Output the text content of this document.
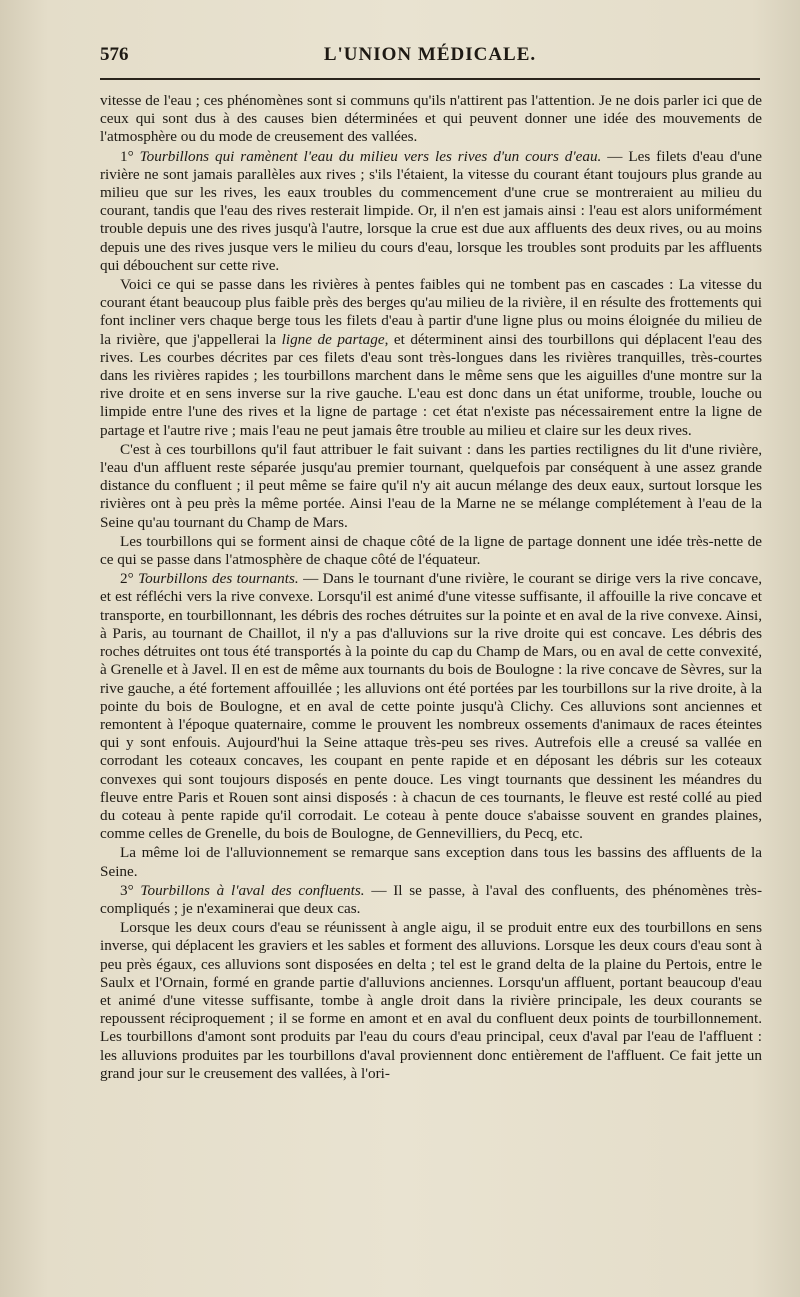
576	L'UNION MÉDICALE.

vitesse de l'eau ; ces phénomènes sont si communs qu'ils n'attirent pas l'attention. Je ne dois parler ici que de ceux qui sont dus à des causes bien déterminées et qui peuvent donner une idée des mouvements de l'atmosphère ou du mode de creusement des vallées.

1° Tourbillons qui ramènent l'eau du milieu vers les rives d'un cours d'eau. — Les filets d'eau d'une rivière ne sont jamais parallèles aux rives ; s'ils l'étaient, la vitesse du courant étant toujours plus grande au milieu que sur les rives, les eaux troubles du commencement d'une crue se montreraient au milieu du courant, tandis que l'eau des rives resterait limpide. Or, il n'en est jamais ainsi : l'eau est alors uniformément trouble depuis une des rives jusqu'à l'autre, lorsque la crue est due aux affluents des deux rives, ou au moins depuis une des rives jusque vers le milieu du cours d'eau, lorsque les troubles sont produits par les affluents qui débouchent sur cette rive.

Voici ce qui se passe dans les rivières à pentes faibles qui ne tombent pas en cascades : La vitesse du courant étant beaucoup plus faible près des berges qu'au milieu de la rivière, il en résulte des frottements qui font incliner vers chaque berge tous les filets d'eau à partir d'une ligne plus ou moins éloignée du milieu de la rivière, que j'appellerai la ligne de partage, et déterminent ainsi des tourbillons qui déplacent l'eau des rives. Les courbes décrites par ces filets d'eau sont très-longues dans les rivières tranquilles, très-courtes dans les rivières rapides ; les tourbillons marchent dans le même sens que les aiguilles d'une montre sur la rive droite et en sens inverse sur la rive gauche. L'eau est donc dans un état uniforme, trouble, louche ou limpide entre l'une des rives et la ligne de partage : cet état n'existe pas nécessairement entre la ligne de partage et l'autre rive ; mais l'eau ne peut jamais être trouble au milieu et claire sur les deux rives.

C'est à ces tourbillons qu'il faut attribuer le fait suivant : dans les parties rectilignes du lit d'une rivière, l'eau d'un affluent reste séparée jusqu'au premier tournant, quelquefois par conséquent à une assez grande distance du confluent ; il peut même se faire qu'il n'y ait aucun mélange des deux eaux, surtout lorsque les rivières ont à peu près la même portée. Ainsi l'eau de la Marne ne se mélange complétement à l'eau de la Seine qu'au tournant du Champ de Mars.

Les tourbillons qui se forment ainsi de chaque côté de la ligne de partage donnent une idée très-nette de ce qui se passe dans l'atmosphère de chaque côté de l'équateur.

2° Tourbillons des tournants. — Dans le tournant d'une rivière, le courant se dirige vers la rive concave, et est réfléchi vers la rive convexe. Lorsqu'il est animé d'une vitesse suffisante, il affouille la rive concave et transporte, en tourbillonnant, les débris des roches détruites sur la pointe et en aval de la rive convexe. Ainsi, à Paris, au tournant de Chaillot, il n'y a pas d'alluvions sur la rive droite qui est concave. Les débris des roches détruites ont tous été transportés à la pointe du cap du Champ de Mars, ou en aval de cette convexité, à Grenelle et à Javel. Il en est de même aux tournants du bois de Boulogne : la rive concave de Sèvres, sur la rive gauche, a été fortement affouillée ; les alluvions ont été portées par les tourbillons sur la rive droite, à la pointe du bois de Boulogne, et en aval de cette pointe jusqu'à Clichy. Ces alluvions sont anciennes et remontent à l'époque quaternaire, comme le prouvent les nombreux ossements d'animaux de races éteintes qui y sont enfouis. Aujourd'hui la Seine attaque très-peu ses rives. Autrefois elle a creusé sa vallée en corrodant les coteaux concaves, les coupant en pente rapide et en déposant les débris sur les coteaux convexes qui sont toujours disposés en pente douce. Les vingt tournants que dessinent les méandres du fleuve entre Paris et Rouen sont ainsi disposés : à chacun de ces tournants, le fleuve est resté collé au pied du coteau à pente rapide qu'il corrodait. Le coteau à pente douce s'abaisse souvent en grandes plaines, comme celles de Grenelle, du bois de Boulogne, de Gennevilliers, du Pecq, etc.

La même loi de l'alluvionnement se remarque sans exception dans tous les bassins des affluents de la Seine.

3° Tourbillons à l'aval des confluents. — Il se passe, à l'aval des confluents, des phénomènes très-compliqués ; je n'examinerai que deux cas.

Lorsque les deux cours d'eau se réunissent à angle aigu, il se produit entre eux des tourbillons en sens inverse, qui déplacent les graviers et les sables et forment des alluvions. Lorsque les deux cours d'eau sont à peu près égaux, ces alluvions sont disposées en delta ; tel est le grand delta de la plaine du Pertois, entre le Saulx et l'Ornain, formé en grande partie d'alluvions anciennes. Lorsqu'un affluent, portant beaucoup d'eau et animé d'une vitesse suffisante, tombe à angle droit dans la rivière principale, les deux courants se repoussent réciproquement ; il se forme en amont et en aval du confluent deux points de tourbillonnement. Les tourbillons d'amont sont produits par l'eau du cours d'eau principal, ceux d'aval par l'eau de l'affluent : les alluvions produites par les tourbillons d'aval proviennent donc entièrement de l'affluent. Ce fait jette un grand jour sur le creusement des vallées, à l'ori-
